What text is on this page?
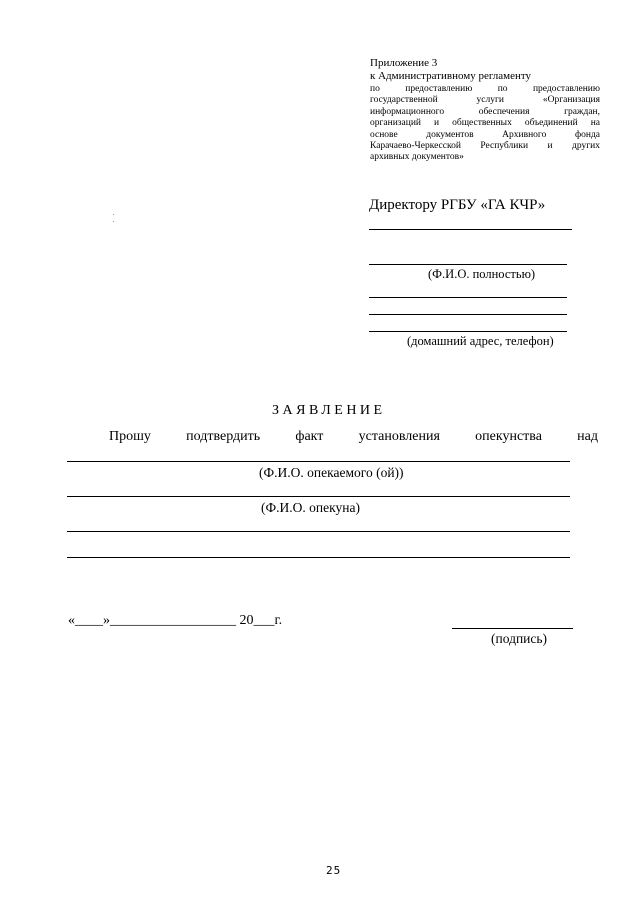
Приложение 3
к Административному регламенту
по предоставлению по предоставлению
государственной услуги «Организация
информационного обеспечения граждан,
организаций и общественных объединений на
основе документов Архивного фонда
Карачаево-Черкесской Республики и других
архивных документов»
Директору РГБУ «ГА КЧР»
(Ф.И.О. полностью)
(домашний адрес, телефон)
ЗАЯВЛЕНИЕ
Прошу	подтвердить	факт	установления	опекунства	над
(Ф.И.О. опекаемого (ой))
(Ф.И.О. опекуна)
«____»__________________ 20___г.
(подпись)
25
